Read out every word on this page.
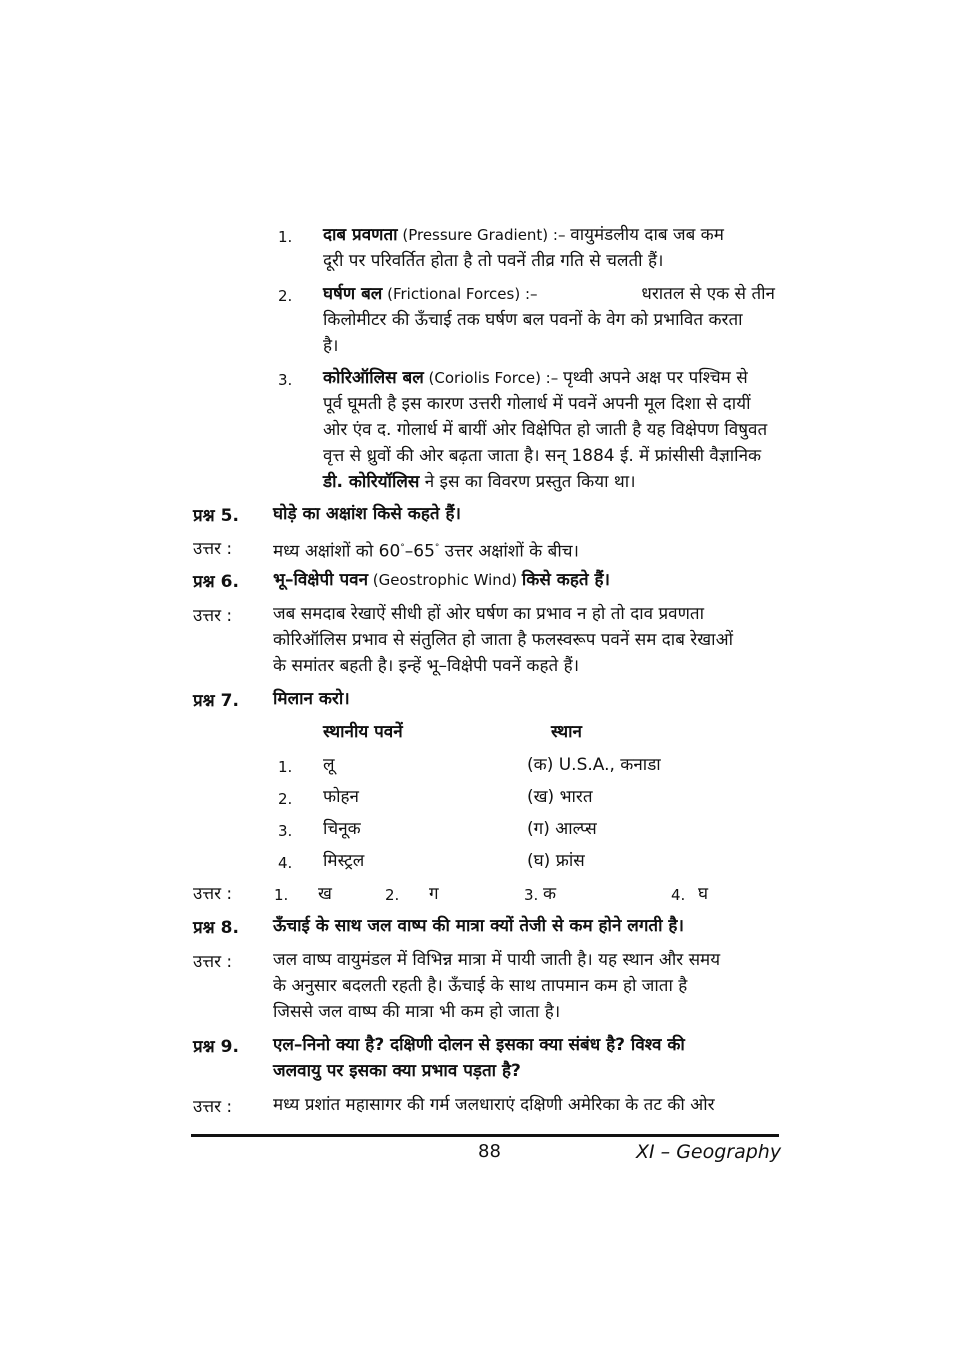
1. दाब प्रवणता (Pressure Gradient) :– वायुमंडलीय दाब जब कम
दूरी पर परिवर्तित होता है तो पवनें तीव्र गति से चलती हैं।
2. घर्षण बल (Frictional Forces) :–	धरातल से एक से तीन
किलोमीटर की ऊँचाई तक घर्षण बल पवनों के वेग को प्रभावित करता
है।
3. कोरिऑलिस बल (Coriolis Force) :– पृथ्वी अपने अक्ष पर पश्चिम से
पूर्व घूमती है इस कारण उत्तरी गोलार्ध में पवनें अपनी मूल दिशा से दायीं
ओर एंव द. गोलार्ध में बायीं ओर विक्षेपित हो जाती है यह विक्षेपण विषुवत
वृत्त से ध्रुवों की ओर बढ़ता जाता है। सन् 1884 ई. में फ्रांसीसी वैज्ञानिक
डी. कोरियॉलिस ने इस का विवरण प्रस्तुत किया था।
प्रश्न 5. घोड़े का अक्षांश किसे कहते हैं।
उत्तर : मध्य अक्षांशों को 60°–65° उत्तर अक्षांशों के बीच।
प्रश्न 6. भू–विक्षेपी पवन (Geostrophic Wind) किसे कहते हैं।
उत्तर : जब समदाब रेखाऐं सीधी हों ओर घर्षण का प्रभाव न हो तो दाव प्रवणता
कोरिऑलिस प्रभाव से संतुलित हो जाता है फलस्वरूप पवनें सम दाब रेखाओं
के समांतर बहती है। इन्हें भू–विक्षेपी पवनें कहते हैं।
प्रश्न 7. मिलान करो।
स्थानीय पवनें	स्थान
1. लू	(क) U.S.A., कनाडा
2. फोहन	(ख) भारत
3. चिनूक	(ग) आल्प्स
4. मिस्ट्रल	(घ) फ्रांस
उत्तर :	1. ख	2. ग	3. क	4. घ
प्रश्न 8. ऊँचाई के साथ जल वाष्प की मात्रा क्यों तेजी से कम होने लगती है।
उत्तर : जल वाष्प वायुमंडल में विभिन्न मात्रा में पायी जाती है। यह स्थान और समय
के अनुसार बदलती रहती है। ऊँचाई के साथ तापमान कम हो जाता है
जिससे जल वाष्प की मात्रा भी कम हो जाता है।
प्रश्न 9. एल–निनो क्या है? दक्षिणी दोलन से इसका क्या संबंध है? विश्व की
जलवायु पर इसका क्या प्रभाव पड़ता है?
उत्तर : मध्य प्रशांत महासागर की गर्म जलधाराएं दक्षिणी अमेरिका के तट की ओर
88	XI – Geography
